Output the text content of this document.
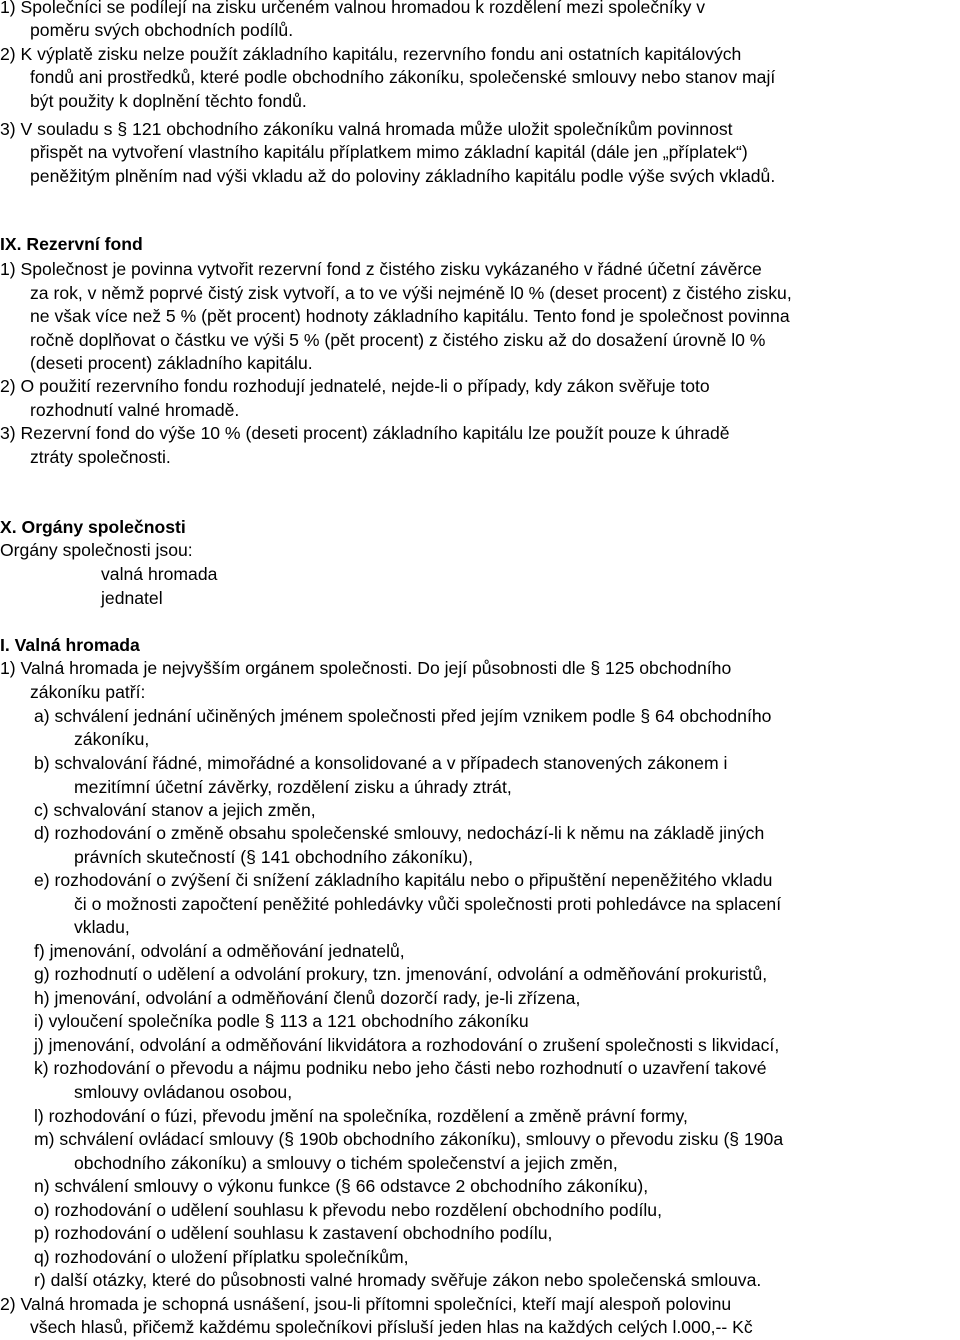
1) Společníci se podílejí na zisku určeném valnou hromadou k rozdělení mezi společníky v
poměru svých obchodních podílů.
2) K výplatě zisku nelze použít základního kapitálu, rezervního fondu ani ostatních kapitálových
fondů ani prostředků, které podle obchodního zákoníku, společenské smlouvy nebo stanov mají
být použity k doplnění těchto fondů.
3) V souladu s § 121 obchodního zákoníku valná hromada může uložit společníkům povinnost
přispět na vytvoření vlastního kapitálu příplatkem mimo základní kapitál (dále jen „příplatek“)
peněžitým plněním nad výši vkladu až do poloviny základního kapitálu podle výše svých vkladů.
IX. Rezervní fond
1) Společnost je povinna vytvořit rezervní fond z čistého zisku vykázaného v řádné účetní závěrce
za rok, v němž poprvé čistý zisk vytvoří, a to ve výši nejméně l0 % (deset procent) z čistého zisku,
ne však více než 5 % (pět procent) hodnoty základního kapitálu. Tento fond je společnost povinna
ročně doplňovat o částku ve výši 5 % (pět procent) z čistého zisku až do dosažení úrovně l0 %
(deseti procent) základního kapitálu.
2) O použití rezervního fondu rozhodují jednatelé, nejde-li o případy, kdy zákon svěřuje toto
rozhodnutí valné hromadě.
3) Rezervní fond do výše 10 % (deseti procent) základního kapitálu lze použít pouze k úhradě
ztráty společnosti.
X. Orgány společnosti
Orgány společnosti jsou:
valná hromada
jednatel
I. Valná hromada
1) Valná hromada je nejvyšším orgánem společnosti. Do její působnosti dle § 125 obchodního
zákoníku patří:
a) schválení jednání učiněných jménem společnosti před jejím vznikem podle § 64 obchodního
zákoníku,
b) schvalování řádné, mimořádné a konsolidované a v případech stanovených zákonem i
mezitímní účetní závěrky, rozdělení zisku a úhrady ztrát,
c) schvalování stanov a jejich změn,
d) rozhodování o změně obsahu společenské smlouvy, nedochází-li k němu na základě jiných
právních skutečností (§ 141 obchodního zákoníku),
e) rozhodování o zvýšení či snížení základního kapitálu nebo o připuštění nepeněžitého vkladu
či o možnosti započtení peněžité pohledávky vůči společnosti proti pohledávce na splacení
vkladu,
f) jmenování, odvolání a odměňování jednatelů,
g) rozhodnutí o udělení a odvolání prokury, tzn. jmenování, odvolání a odměňování prokuristů,
h) jmenování, odvolání a odměňování členů dozorčí rady, je-li zřízena,
i) vyloučení společníka podle § 113 a 121 obchodního zákoníku
j) jmenování, odvolání a odměňování likvidátora a rozhodování o zrušení společnosti s likvidací,
k) rozhodování o převodu a nájmu podniku nebo jeho části nebo rozhodnutí o uzavření takové
smlouvy ovládanou osobou,
l) rozhodování o fúzi, převodu jmění na společníka, rozdělení a změně právní formy,
m) schválení ovládací smlouvy (§ 190b obchodního zákoníku), smlouvy o převodu zisku (§ 190a
obchodního zákoníku) a smlouvy o tichém společenství a jejich změn,
n) schválení smlouvy o výkonu funkce (§ 66 odstavce 2 obchodního zákoníku),
o) rozhodování o udělení souhlasu k převodu nebo rozdělení obchodního podílu,
p) rozhodování o udělení souhlasu k zastavení obchodního podílu,
q) rozhodování o uložení příplatku společníkům,
r) další otázky, které do působnosti valné hromady svěřuje zákon nebo společenská smlouva.
2) Valná hromada je schopná usnášení, jsou-li přítomni společníci, kteří mají alespoň polovinu
všech hlasů, přičemž každému společníkovi přísluší jeden hlas na každých celých l.000,-- Kč
